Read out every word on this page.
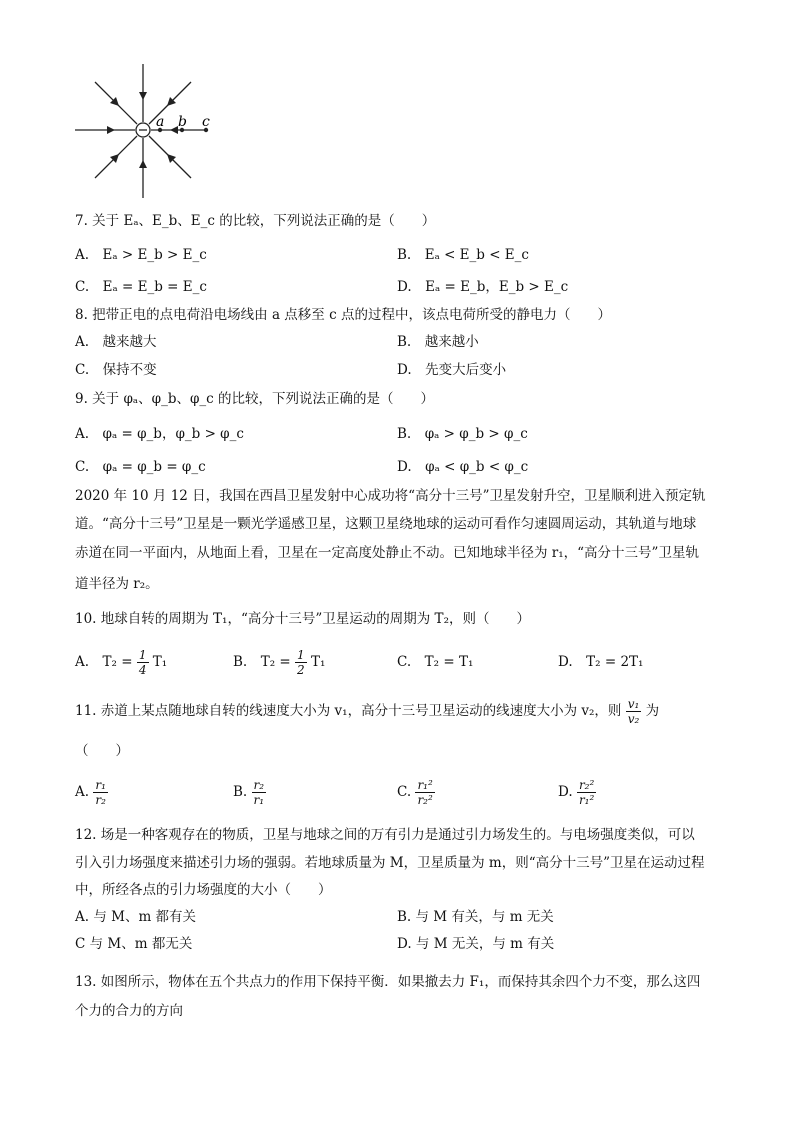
a b c
7. 关于 Eₐ、E_b、E_c 的比较，下列说法正确的是（　　）
A.　Eₐ > E_b > E_c	B.　Eₐ < E_b < E_c
C.　Eₐ = E_b = E_c	D.　Eₐ = E_b，E_b > E_c
8. 把带正电的点电荷沿电场线由 a 点移至 c 点的过程中，该点电荷所受的静电力（　　）
A.　越来越大	B.　越来越小
C.　保持不变	D.　先变大后变小
9. 关于 φₐ、φ_b、φ_c 的比较，下列说法正确的是（　　）
A.　φₐ = φ_b，φ_b > φ_c	B.　φₐ > φ_b > φ_c
C.　φₐ = φ_b = φ_c	D.　φₐ < φ_b < φ_c
2020 年 10 月 12 日，我国在西昌卫星发射中心成功将“高分十三号”卫星发射升空，卫星顺利进入预定轨
道。“高分十三号”卫星是一颗光学遥感卫星，这颗卫星绕地球的运动可看作匀速圆周运动，其轨道与地球
赤道在同一平面内，从地面上看，卫星在一定高度处静止不动。已知地球半径为 r₁，“高分十三号”卫星轨
道半径为 r₂。
10. 地球自转的周期为 T₁，“高分十三号”卫星运动的周期为 T₂，则（　　）
A.　$T_2 = \frac{1}{4} T_1$	B.　$T_2 = \frac{1}{2} T_1$	C.　T₂ = T₁	D.　T₂ = 2T₁
11. 赤道上某点随地球自转的线速度大小为 v₁，高分十三号卫星运动的线速度大小为 v₂，则 $\frac{\text{v₁}}{\text{v₂}}$ 为
（　　）
A. $\frac{\text{r₁}}{\text{r₂}}$	B. $\frac{\text{r₂}}{\text{r₁}}$	C. $\frac{\text{r₁²}}{\text{r₂²}}$	D. $\frac{\text{r₂²}}{\text{r₁²}}$
12. 场是一种客观存在的物质，卫星与地球之间的万有引力是通过引力场发生的。与电场强度类似，可以
引入引力场强度来描述引力场的强弱。若地球质量为 M，卫星质量为 m，则“高分十三号”卫星在运动过程
中，所经各点的引力场强度的大小（　　）
A. 与 M、m 都有关	B. 与 M 有关，与 m 无关
C 与 M、m 都无关	D. 与 M 无关，与 m 有关
13. 如图所示，物体在五个共点力的作用下保持平衡．如果撤去力 F₁，而保持其余四个力不变，那么这四
个力的合力的方向
